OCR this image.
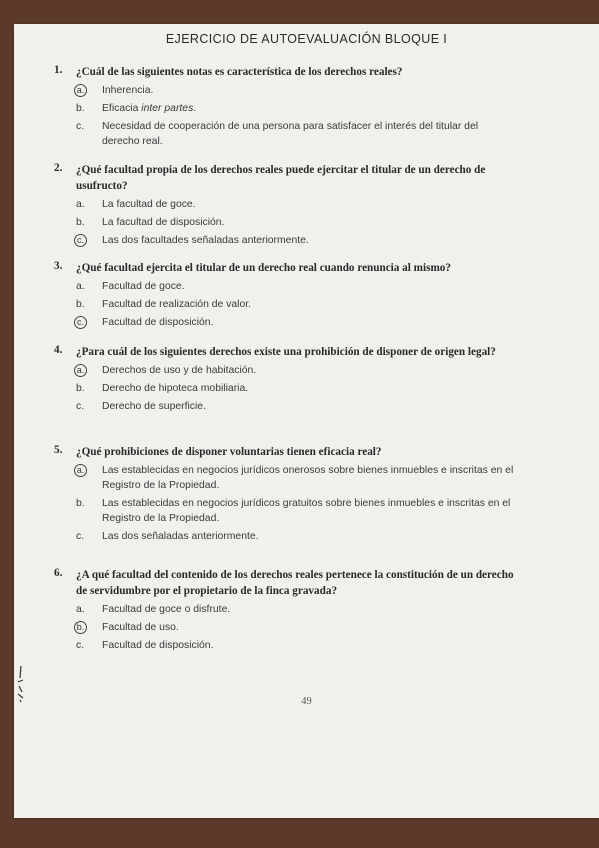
EJERCICIO DE AUTOEVALUACIÓN BLOQUE I
1.	¿Cuál de las siguientes notas es característica de los derechos reales?
a.	Inherencia.
b.	Eficacia inter partes.
c.	Necesidad de cooperación de una persona para satisfacer el interés del titular del derecho real.
2.	¿Qué facultad propia de los derechos reales puede ejercitar el titular de un derecho de usufructo?
a.	La facultad de goce.
b.	La facultad de disposición.
c.	Las dos facultades señaladas anteriormente.
3.	¿Qué facultad ejercita el titular de un derecho real cuando renuncia al mismo?
a.	Facultad de goce.
b.	Facultad de realización de valor.
c.	Facultad de disposición.
4.	¿Para cuál de los siguientes derechos existe una prohibición de disponer de origen legal?
a.	Derechos de uso y de habitación.
b.	Derecho de hipoteca mobiliaria.
c.	Derecho de superficie.
5.	¿Qué prohibiciones de disponer voluntarias tienen eficacia real?
a.	Las establecidas en negocios jurídicos onerosos sobre bienes inmuebles e inscritas en el Registro de la Propiedad.
b.	Las establecidas en negocios jurídicos gratuitos sobre bienes inmuebles e inscritas en el Registro de la Propiedad.
c.	Las dos señaladas anteriormente.
6.	¿A qué facultad del contenido de los derechos reales pertenece la constitución de un derecho de servidumbre por el propietario de la finca gravada?
a.	Facultad de goce o disfrute.
b.	Facultad de uso.
c.	Facultad de disposición.
49
